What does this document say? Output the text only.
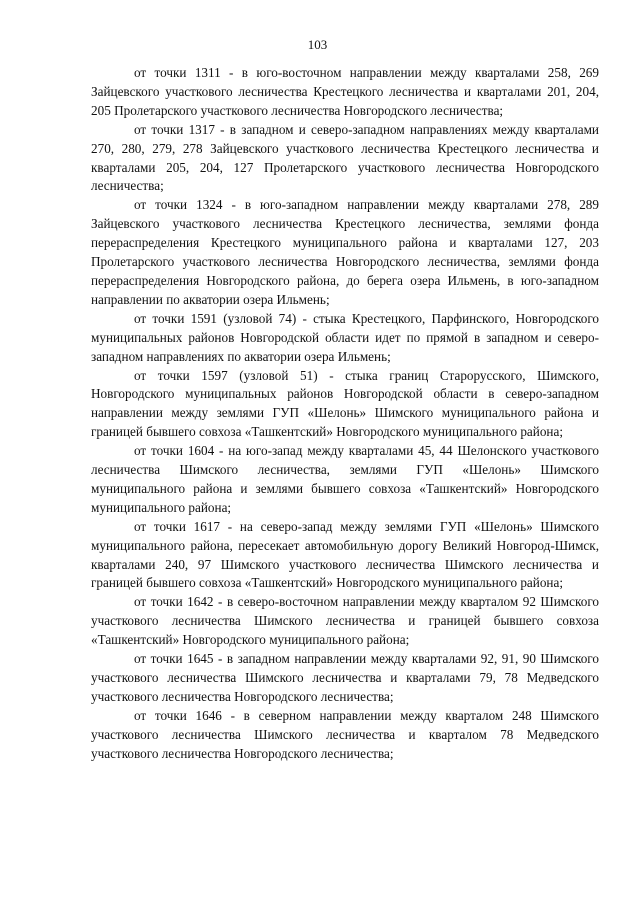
103

от точки 1311 - в юго-восточном направлении между кварталами 258, 269 Зайцевского участкового лесничества Крестецкого лесничества и кварталами 201, 204, 205 Пролетарского участкового лесничества Новгородского лесничества;

от точки 1317 - в западном и северо-западном направлениях между кварталами 270, 280, 279, 278 Зайцевского участкового лесничества Крестецкого лесничества и кварталами 205, 204, 127 Пролетарского участкового лесничества Новгородского лесничества;

от точки 1324 - в юго-западном направлении между кварталами 278, 289 Зайцевского участкового лесничества Крестецкого лесничества, землями фонда перераспределения Крестецкого муниципального района и кварталами 127, 203 Пролетарского участкового лесничества Новгородского лесничества, землями фонда перераспределения Новгородского района, до берега озера Ильмень, в юго-западном направлении по акватории озера Ильмень;

от точки 1591 (узловой 74) - стыка Крестецкого, Парфинского, Новгородского муниципальных районов Новгородской области идет по прямой в западном и северо-западном направлениях по акватории озера Ильмень;

от точки 1597 (узловой 51) - стыка границ Старорусского, Шимского, Новгородского муниципальных районов Новгородской области в северо-западном направлении между землями ГУП «Шелонь» Шимского муниципального района и границей бывшего совхоза «Ташкентский» Новгородского муниципального района;

от точки 1604 - на юго-запад между кварталами 45, 44 Шелонского участкового лесничества Шимского лесничества, землями ГУП «Шелонь» Шимского муниципального района и землями бывшего совхоза «Ташкентский» Новгородского муниципального района;

от точки 1617 - на северо-запад между землями ГУП «Шелонь» Шимского муниципального района, пересекает автомобильную дорогу Великий Новгород-Шимск, кварталами 240, 97 Шимского участкового лесничества Шимского лесничества и границей бывшего совхоза «Ташкентский» Новгородского муниципального района;

от точки 1642 - в северо-восточном направлении между кварталом 92 Шимского участкового лесничества Шимского лесничества и границей бывшего совхоза «Ташкентский» Новгородского муниципального района;

от точки 1645 - в западном направлении между кварталами 92, 91, 90 Шимского участкового лесничества Шимского лесничества и кварталами 79, 78 Медведского участкового лесничества Новгородского лесничества;

от точки 1646 - в северном направлении между кварталом 248 Шимского участкового лесничества Шимского лесничества и кварталом 78 Медведского участкового лесничества Новгородского лесничества;
